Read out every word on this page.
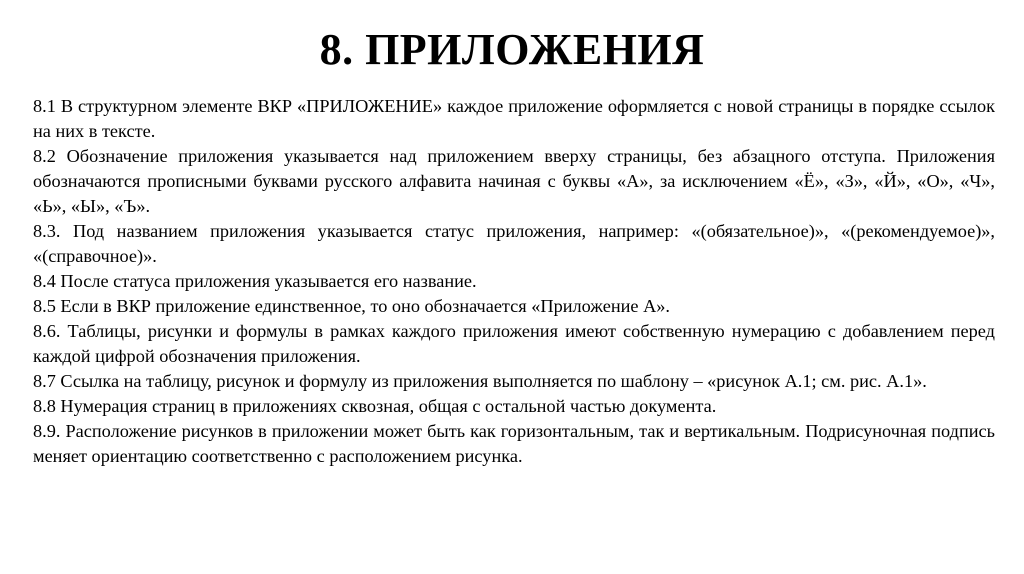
8. ПРИЛОЖЕНИЯ

8.1 В структурном элементе ВКР «ПРИЛОЖЕНИЕ» каждое приложение оформляется с новой страницы в порядке ссылок на них в тексте.

8.2 Обозначение приложения указывается над приложением вверху страницы, без абзацного отступа. Приложения обозначаются прописными буквами русского алфавита начиная с буквы «А», за исключением «Ё», «З», «Й», «О», «Ч», «Ь», «Ы», «Ъ».

8.3. Под названием приложения указывается статус приложения, например: «(обязательное)», «(рекомендуемое)», «(справочное)».

8.4 После статуса приложения указывается его название.

8.5 Если в ВКР приложение единственное, то оно обозначается «Приложение А».

8.6. Таблицы, рисунки и формулы в рамках каждого приложения имеют собственную нумерацию с добавлением перед каждой цифрой обозначения приложения.

8.7 Ссылка на таблицу, рисунок и формулу из приложения выполняется по шаблону – «рисунок А.1; см. рис. А.1».

8.8 Нумерация страниц в приложениях сквозная, общая с остальной частью документа.

8.9. Расположение рисунков в приложении может быть как горизонтальным, так и вертикальным. Подрисуночная подпись меняет ориентацию соответственно с расположением рисунка.
